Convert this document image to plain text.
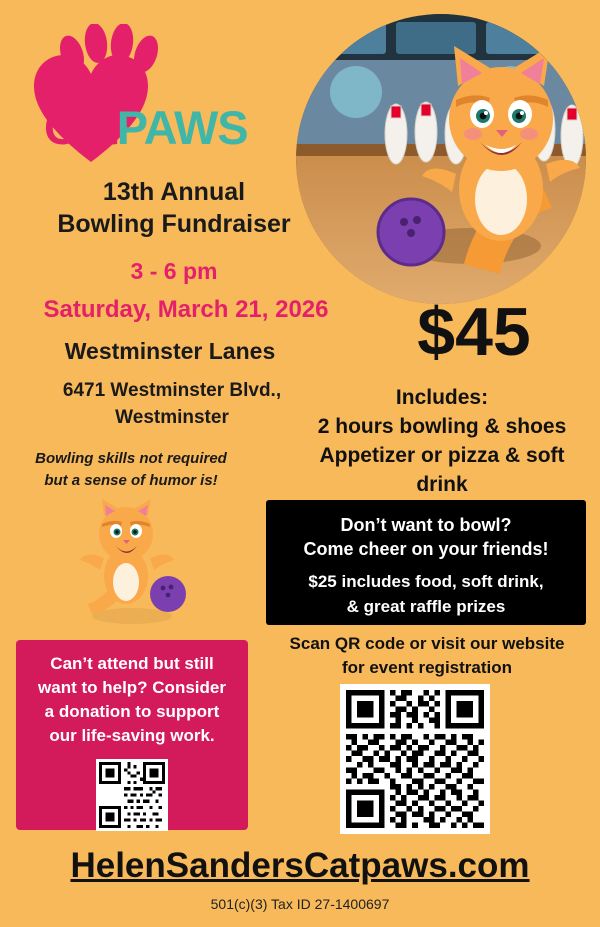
CatPAWS
13th Annual
Bowling Fundraiser
3 - 6 pm
Saturday, March 21, 2026
Westminster Lanes
6471 Westminster Blvd.,
Westminster
Bowling skills not required
but a sense of humor is!
$45
Includes:
2 hours bowling & shoes
Appetizer or pizza & soft drink
Don’t want to bowl?
Come cheer on your friends!
$25 includes food, soft drink,
& great raffle prizes
Can’t attend but still
want to help? Consider
a donation to support
our life-saving work.
Scan QR code or visit our website
for event registration
HelenSandersCatpaws.com
501(c)(3) Tax ID 27-1400697
